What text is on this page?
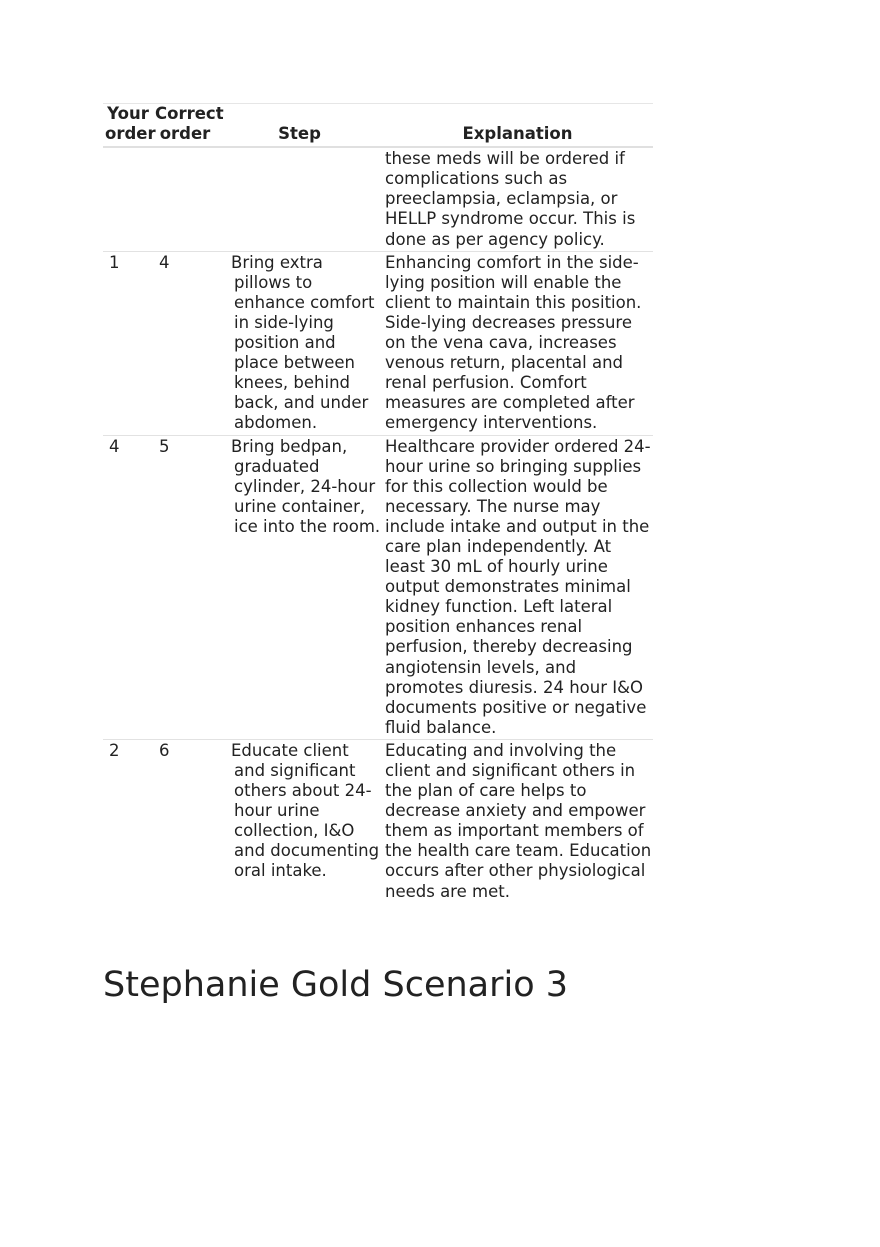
Your order	Correct order	Step	Explanation
			these meds will be ordered if complications such as preeclampsia, eclampsia, or HELLP syndrome occur. This is done as per agency policy.
1	4	Bring extra pillows to enhance comfort in side-lying position and place between knees, behind back, and under abdomen.	Enhancing comfort in the side-lying position will enable the client to maintain this position. Side-lying decreases pressure on the vena cava, increases venous return, placental and renal perfusion. Comfort measures are completed after emergency interventions.
4	5	Bring bedpan, graduated cylinder, 24-hour urine container, ice into the room.	Healthcare provider ordered 24-hour urine so bringing supplies for this collection would be necessary. The nurse may include intake and output in the care plan independently. At least 30 mL of hourly urine output demonstrates minimal kidney function. Left lateral position enhances renal perfusion, thereby decreasing angiotensin levels, and promotes diuresis. 24 hour I&O documents positive or negative fluid balance.
2	6	Educate client and significant others about 24-hour urine collection, I&O and documenting oral intake.	Educating and involving the client and significant others in the plan of care helps to decrease anxiety and empower them as important members of the health care team. Education occurs after other physiological needs are met.
Stephanie Gold Scenario 3
